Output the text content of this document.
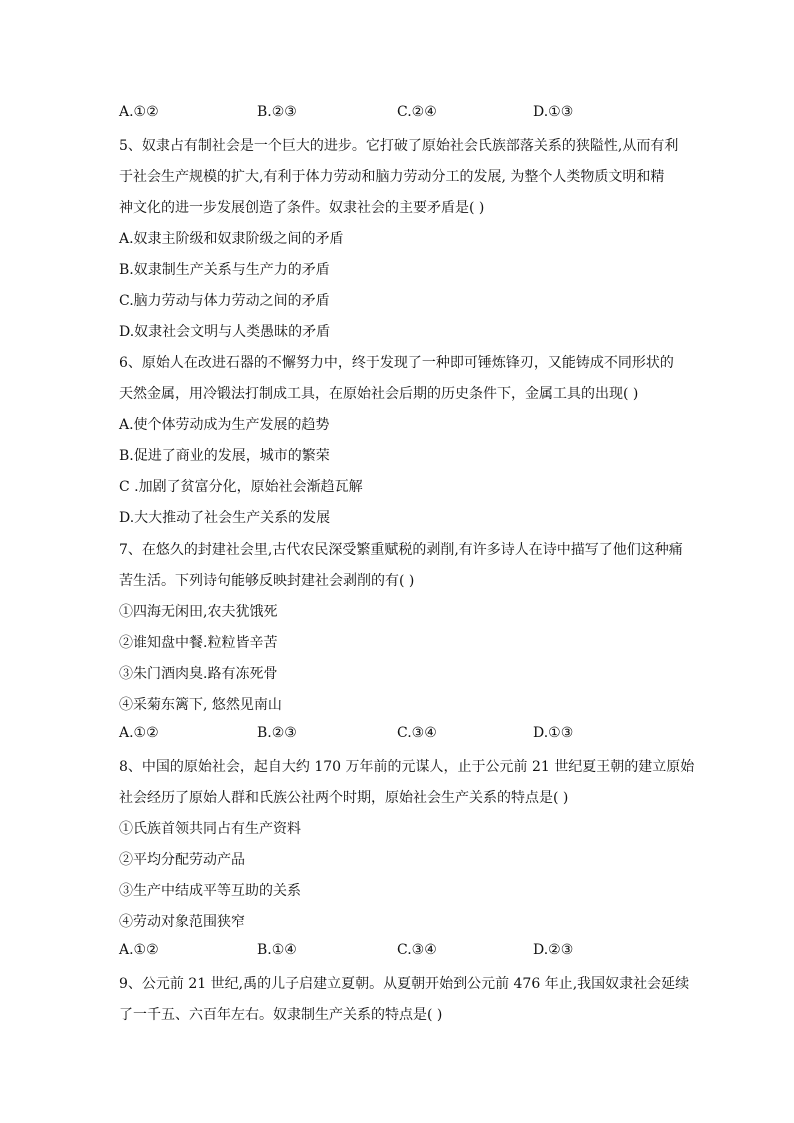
A.①②	B.②③	C.②④	D.①③
5、奴隶占有制社会是一个巨大的进步。它打破了原始社会氏族部落关系的狭隘性,从而有利
于社会生产规模的扩大,有利于体力劳动和脑力劳动分工的发展, 为整个人类物质文明和精
神文化的进一步发展创造了条件。奴隶社会的主要矛盾是( )
A.奴隶主阶级和奴隶阶级之间的矛盾
B.奴隶制生产关系与生产力的矛盾
C.脑力劳动与体力劳动之间的矛盾
D.奴隶社会文明与人类愚昧的矛盾
6、原始人在改进石器的不懈努力中，终于发现了一种即可锤炼锋刃，又能铸成不同形状的
天然金属，用冷锻法打制成工具，在原始社会后期的历史条件下，金属工具的出现( )
A.使个体劳动成为生产发展的趋势
B.促进了商业的发展，城市的繁荣
C .加剧了贫富分化，原始社会渐趋瓦解
D.大大推动了社会生产关系的发展
7、在悠久的封建社会里,古代农民深受繁重赋税的剥削,有许多诗人在诗中描写了他们这种痛
苦生活。下列诗句能够反映封建社会剥削的有( )
①四海无闲田,农夫犹饿死
②谁知盘中餐.粒粒皆辛苦
③朱门酒肉臭.路有冻死骨
④采菊东篱下, 悠然见南山
A.①②	B.②③	C.③④	D.①③
8、中国的原始社会，起自大约 170 万年前的元谋人，止于公元前 21 世纪夏王朝的建立原始
社会经历了原始人群和氏族公社两个时期，原始社会生产关系的特点是( )
①氏族首领共同占有生产资料
②平均分配劳动产品
③生产中结成平等互助的关系
④劳动对象范围狭窄
A.①②	B.①④	C.③④	D.②③
9、公元前 21 世纪,禹的儿子启建立夏朝。从夏朝开始到公元前 476 年止,我国奴隶社会延续
了一千五、六百年左右。奴隶制生产关系的特点是( )
